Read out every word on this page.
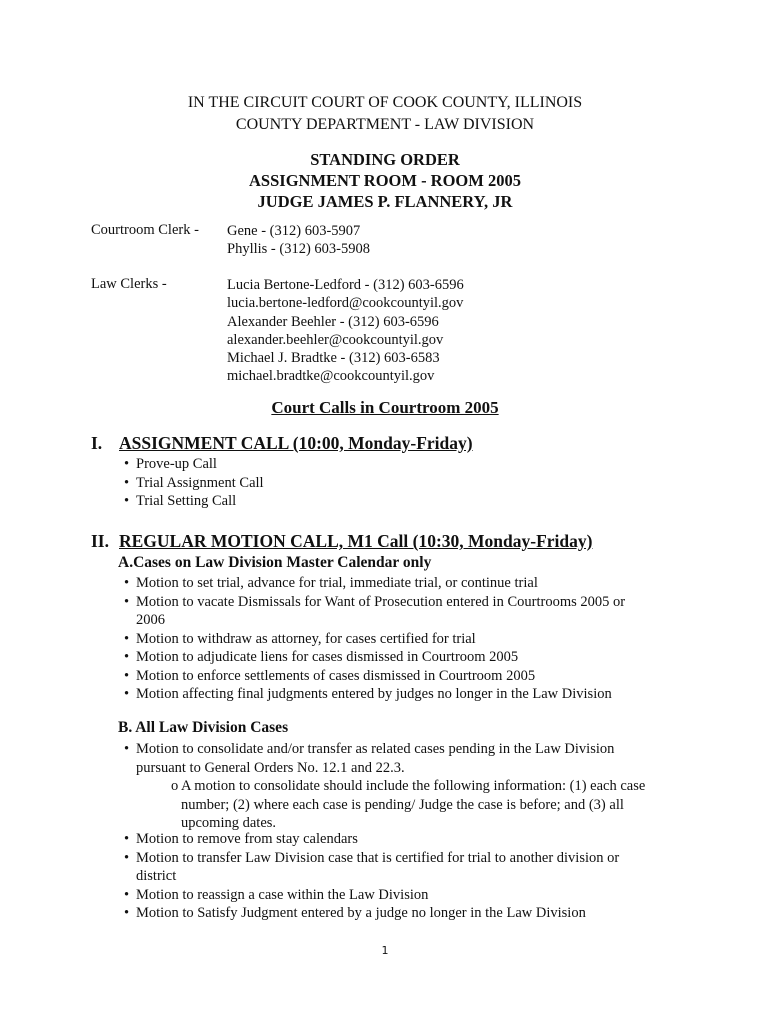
IN THE CIRCUIT COURT OF COOK COUNTY, ILLINOIS
COUNTY DEPARTMENT - LAW DIVISION
STANDING ORDER
ASSIGNMENT ROOM - ROOM 2005
JUDGE JAMES P. FLANNERY, JR
Courtroom Clerk - Gene - (312) 603-5907
Phyllis - (312) 603-5908
Law Clerks -	Lucia Bertone-Ledford - (312) 603-6596
lucia.bertone-ledford@cookcountyil.gov
Alexander Beehler - (312) 603-6596
alexander.beehler@cookcountyil.gov
Michael J. Bradtke - (312) 603-6583
michael.bradtke@cookcountyil.gov
Court Calls in Courtroom 2005
I. ASSIGNMENT CALL (10:00, Monday-Friday)
• Prove-up Call
• Trial Assignment Call
• Trial Setting Call
II. REGULAR MOTION CALL, M1 Call (10:30, Monday-Friday)
A.Cases on Law Division Master Calendar only
• Motion to set trial, advance for trial, immediate trial, or continue trial
• Motion to vacate Dismissals for Want of Prosecution entered in Courtrooms 2005 or
2006
• Motion to withdraw as attorney, for cases certified for trial
• Motion to adjudicate liens for cases dismissed in Courtroom 2005
• Motion to enforce settlements of cases dismissed in Courtroom 2005
• Motion affecting final judgments entered by judges no longer in the Law Division
B. All Law Division Cases
• Motion to consolidate and/or transfer as related cases pending in the Law Division
pursuant to General Orders No. 12.1 and 22.3.
o A motion to consolidate should include the following information: (1) each case
number; (2) where each case is pending/ Judge the case is before; and (3) all
upcoming dates.
• Motion to remove from stay calendars
• Motion to transfer Law Division case that is certified for trial to another division or
district
• Motion to reassign a case within the Law Division
• Motion to Satisfy Judgment entered by a judge no longer in the Law Division
1
